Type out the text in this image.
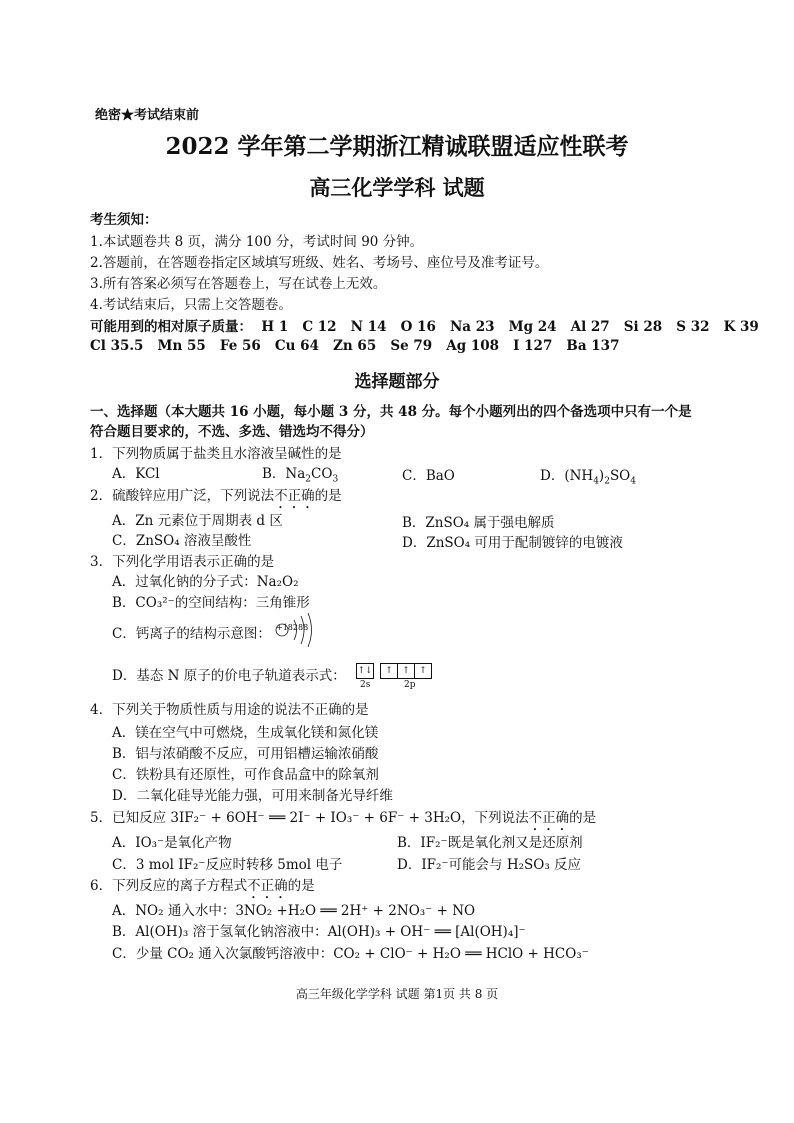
绝密★考试结束前
2022 学年第二学期浙江精诚联盟适应性联考
高三化学学科 试题
考生须知：
1.本试题卷共 8 页，满分 100 分，考试时间 90 分钟。
2.答题前，在答题卷指定区域填写班级、姓名、考场号、座位号及准考证号。
3.所有答案必须写在答题卷上，写在试卷上无效。
4.考试结束后，只需上交答题卷。
可能用到的相对原子质量：  H 1   C 12   N 14   O 16   Na 23   Mg 24   Al 27   Si 28   S 32   K 39
Cl 35.5   Mn 55   Fe 56   Cu 64   Zn 65   Se 79   Ag 108   I 127   Ba 137
选择题部分
一、选择题（本大题共 16 小题，每小题 3 分，共 48 分。每个小题列出的四个备选项中只有一个是
符合题目要求的，不选、多选、错选均不得分）
1．下列物质属于盐类且水溶液呈碱性的是
A．KCl	B．$Na_2CO_3$	C．BaO	D．$(NH_4)_2SO_4$
2．硫酸锌应用广泛，下列说法不正确的是
A．Zn 元素位于周期表 d 区	B．ZnSO₄ 属于强电解质
C．ZnSO₄ 溶液呈酸性	D．ZnSO₄ 可用于配制镀锌的电镀液
3．下列化学用语表示正确的是
A．过氧化钠的分子式：Na₂O₂
B．CO₃²⁻的空间结构：三角锥形
C．钙离子的结构示意图： +18288
D．基态 N 原子的价电子轨道表示式： ↑↓ ↑ ↑ ↑
2s	2p
4．下列关于物质性质与用途的说法不正确的是
A．镁在空气中可燃烧，生成氧化镁和氮化镁
B．铝与浓硝酸不反应，可用铝槽运输浓硝酸
C．铁粉具有还原性，可作食品盒中的除氧剂
D．二氧化硅导光能力强，可用来制备光导纤维
5．已知反应 3IF₂⁻ + 6OH⁻ ══ 2I⁻ + IO₃⁻ + 6F⁻ + 3H₂O，下列说法不正确的是
A．IO₃⁻是氧化产物	B．IF₂⁻既是氧化剂又是还原剂
C．3 mol IF₂⁻反应时转移 5mol 电子	D．IF₂⁻可能会与 H₂SO₃ 反应
6．下列反应的离子方程式不正确的是
A．NO₂ 通入水中：3NO₂ +H₂O ══ 2H⁺ + 2NO₃⁻ + NO
B．Al(OH)₃ 溶于氢氧化钠溶液中：Al(OH)₃ + OH⁻ ══ [Al(OH)₄]⁻
C．少量 CO₂ 通入次氯酸钙溶液中：CO₂ + ClO⁻ + H₂O ══ HClO + HCO₃⁻
高三年级化学学科 试题 第1页 共 8 页
